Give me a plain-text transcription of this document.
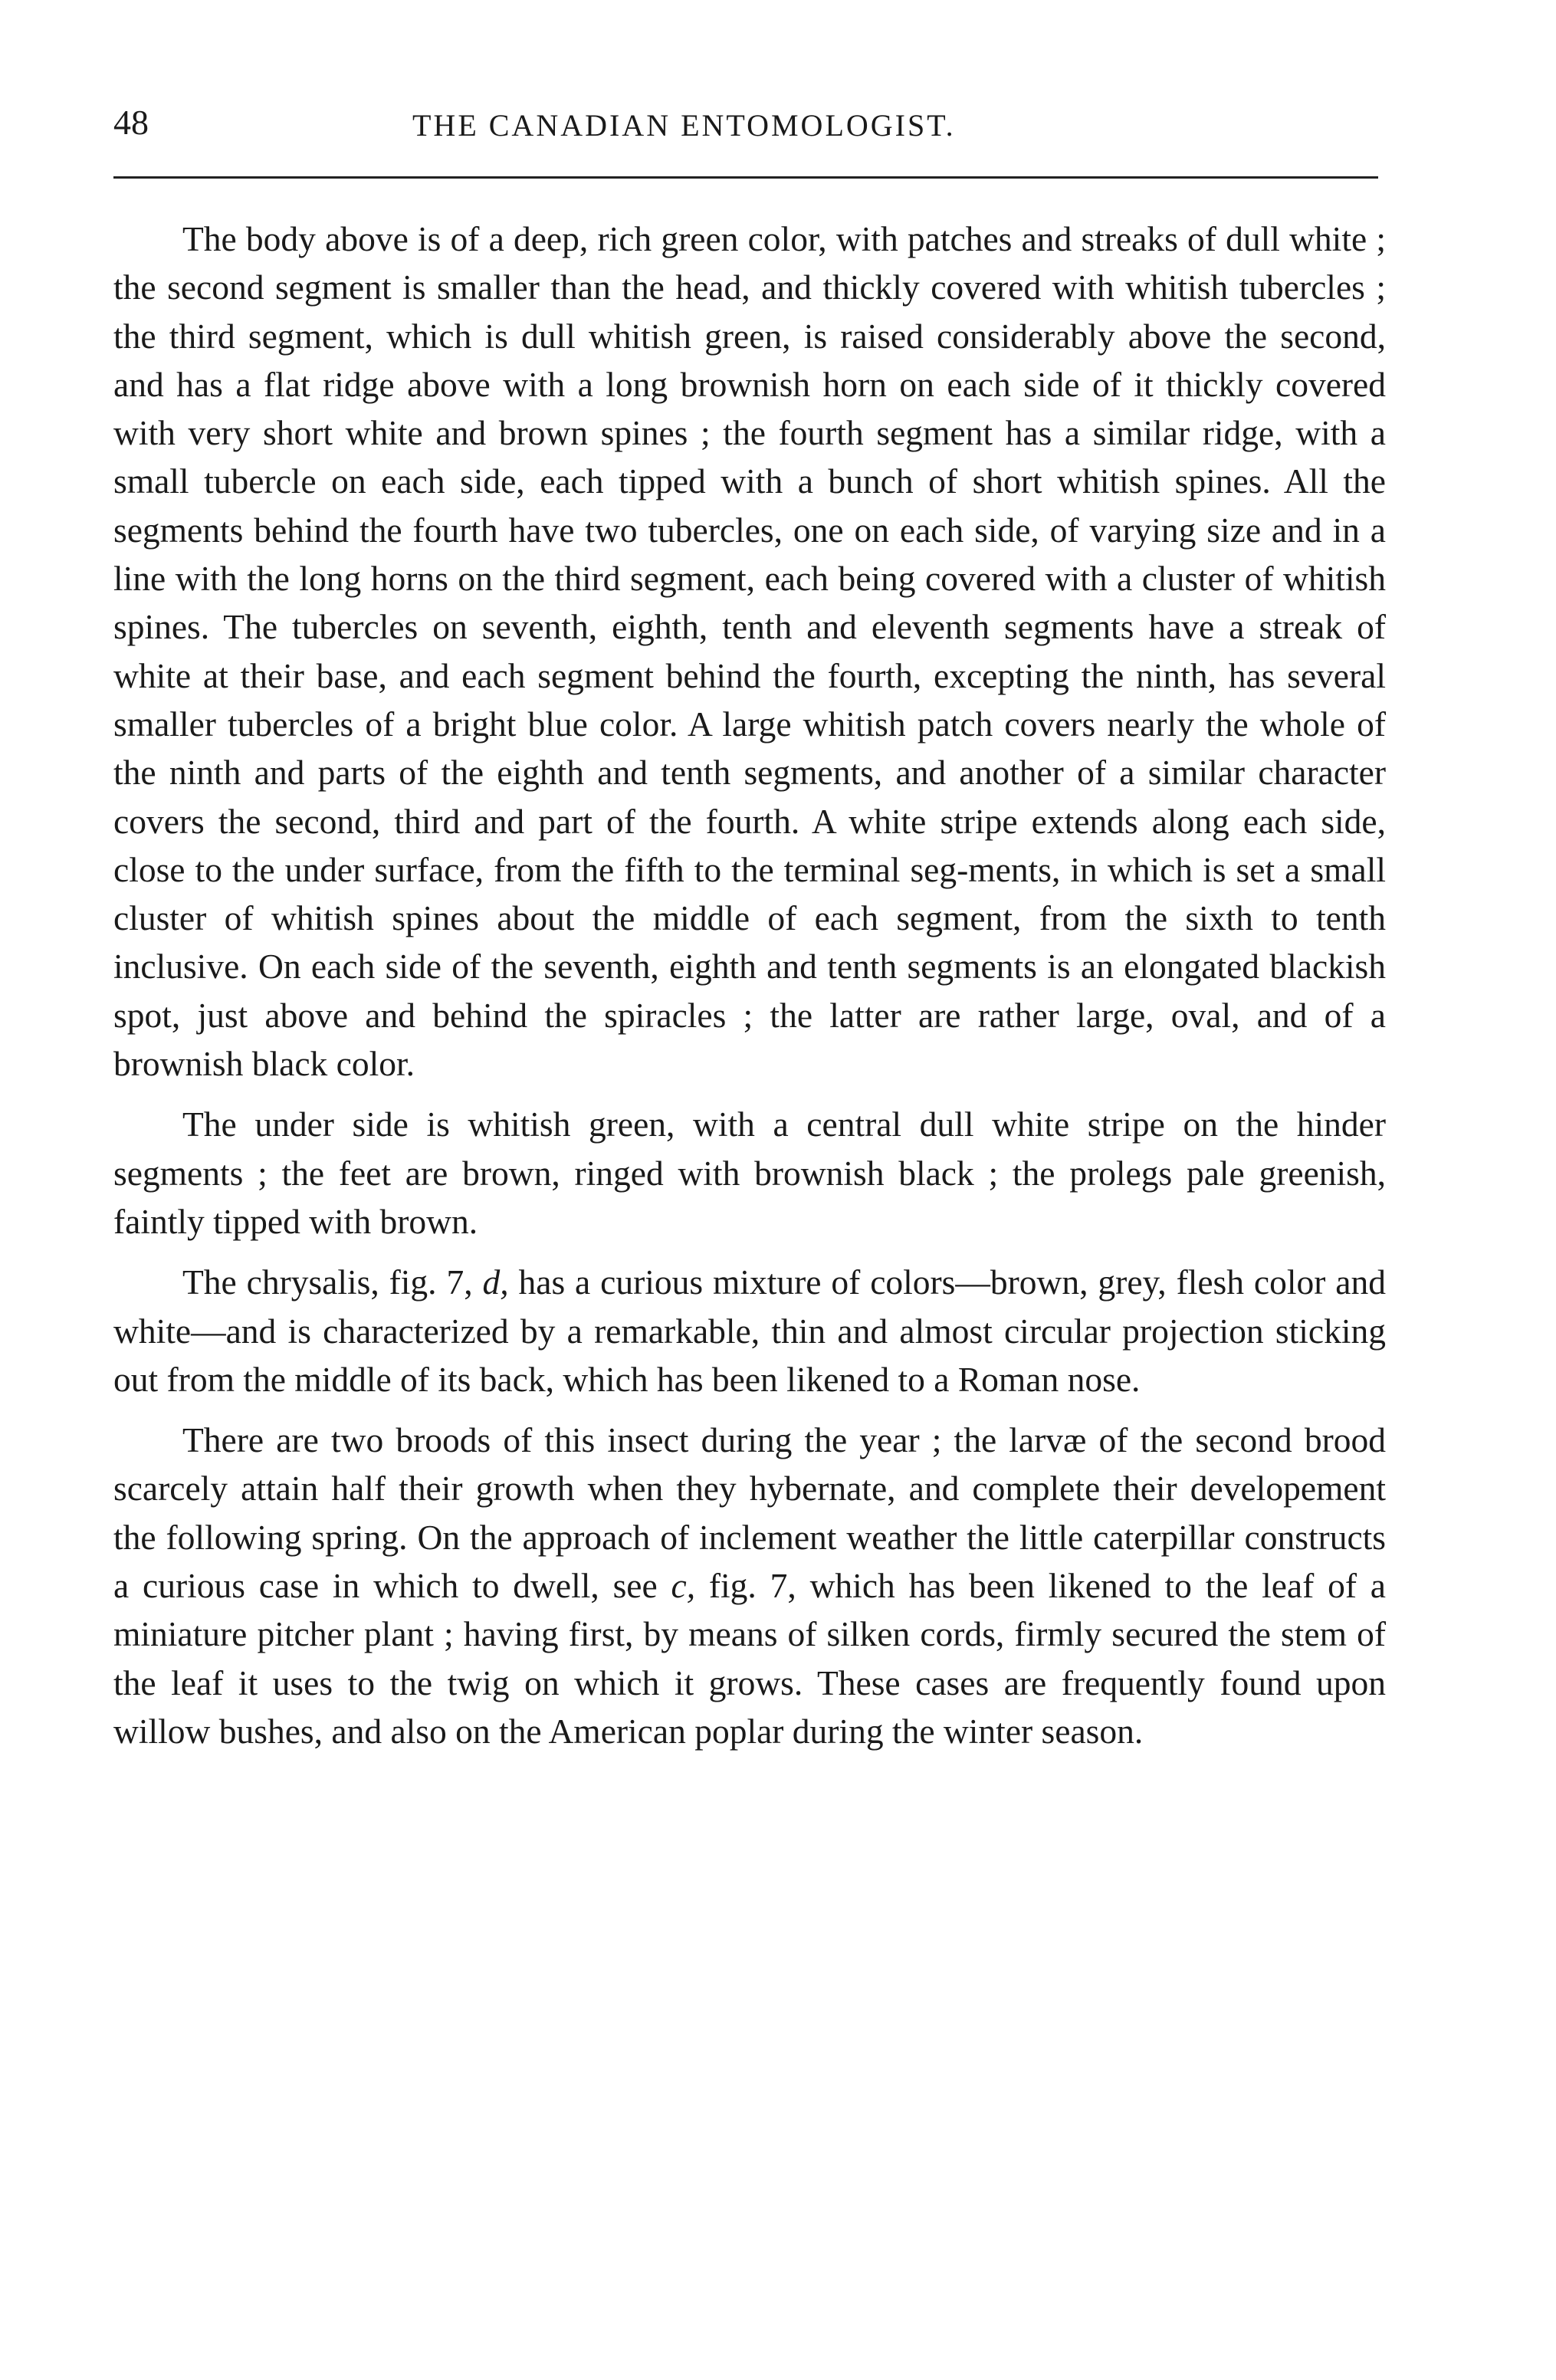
48	THE CANADIAN ENTOMOLOGIST.

The body above is of a deep, rich green color, with patches and streaks of dull white ; the second segment is smaller than the head, and thickly covered with whitish tubercles ; the third segment, which is dull whitish green, is raised considerably above the second, and has a flat ridge above with a long brownish horn on each side of it thickly covered with very short white and brown spines ; the fourth segment has a similar ridge, with a small tubercle on each side, each tipped with a bunch of short whitish spines. All the segments behind the fourth have two tubercles, one on each side, of varying size and in a line with the long horns on the third segment, each being covered with a cluster of whitish spines. The tubercles on seventh, eighth, tenth and eleventh segments have a streak of white at their base, and each segment behind the fourth, excepting the ninth, has several smaller tubercles of a bright blue color. A large whitish patch covers nearly the whole of the ninth and parts of the eighth and tenth segments, and another of a similar character covers the second, third and part of the fourth. A white stripe extends along each side, close to the under surface, from the fifth to the terminal seg-ments, in which is set a small cluster of whitish spines about the middle of each segment, from the sixth to tenth inclusive. On each side of the seventh, eighth and tenth segments is an elongated blackish spot, just above and behind the spiracles ; the latter are rather large, oval, and of a brownish black color.

The under side is whitish green, with a central dull white stripe on the hinder segments ; the feet are brown, ringed with brownish black ; the prolegs pale greenish, faintly tipped with brown.

The chrysalis, fig. 7, d, has a curious mixture of colors—brown, grey, flesh color and white—and is characterized by a remarkable, thin and almost circular projection sticking out from the middle of its back, which has been likened to a Roman nose.

There are two broods of this insect during the year ; the larvæ of the second brood scarcely attain half their growth when they hybernate, and complete their developement the following spring. On the approach of inclement weather the little caterpillar constructs a curious case in which to dwell, see c, fig. 7, which has been likened to the leaf of a miniature pitcher plant ; having first, by means of silken cords, firmly secured the stem of the leaf it uses to the twig on which it grows. These cases are frequently found upon willow bushes, and also on the American poplar during the winter season.
